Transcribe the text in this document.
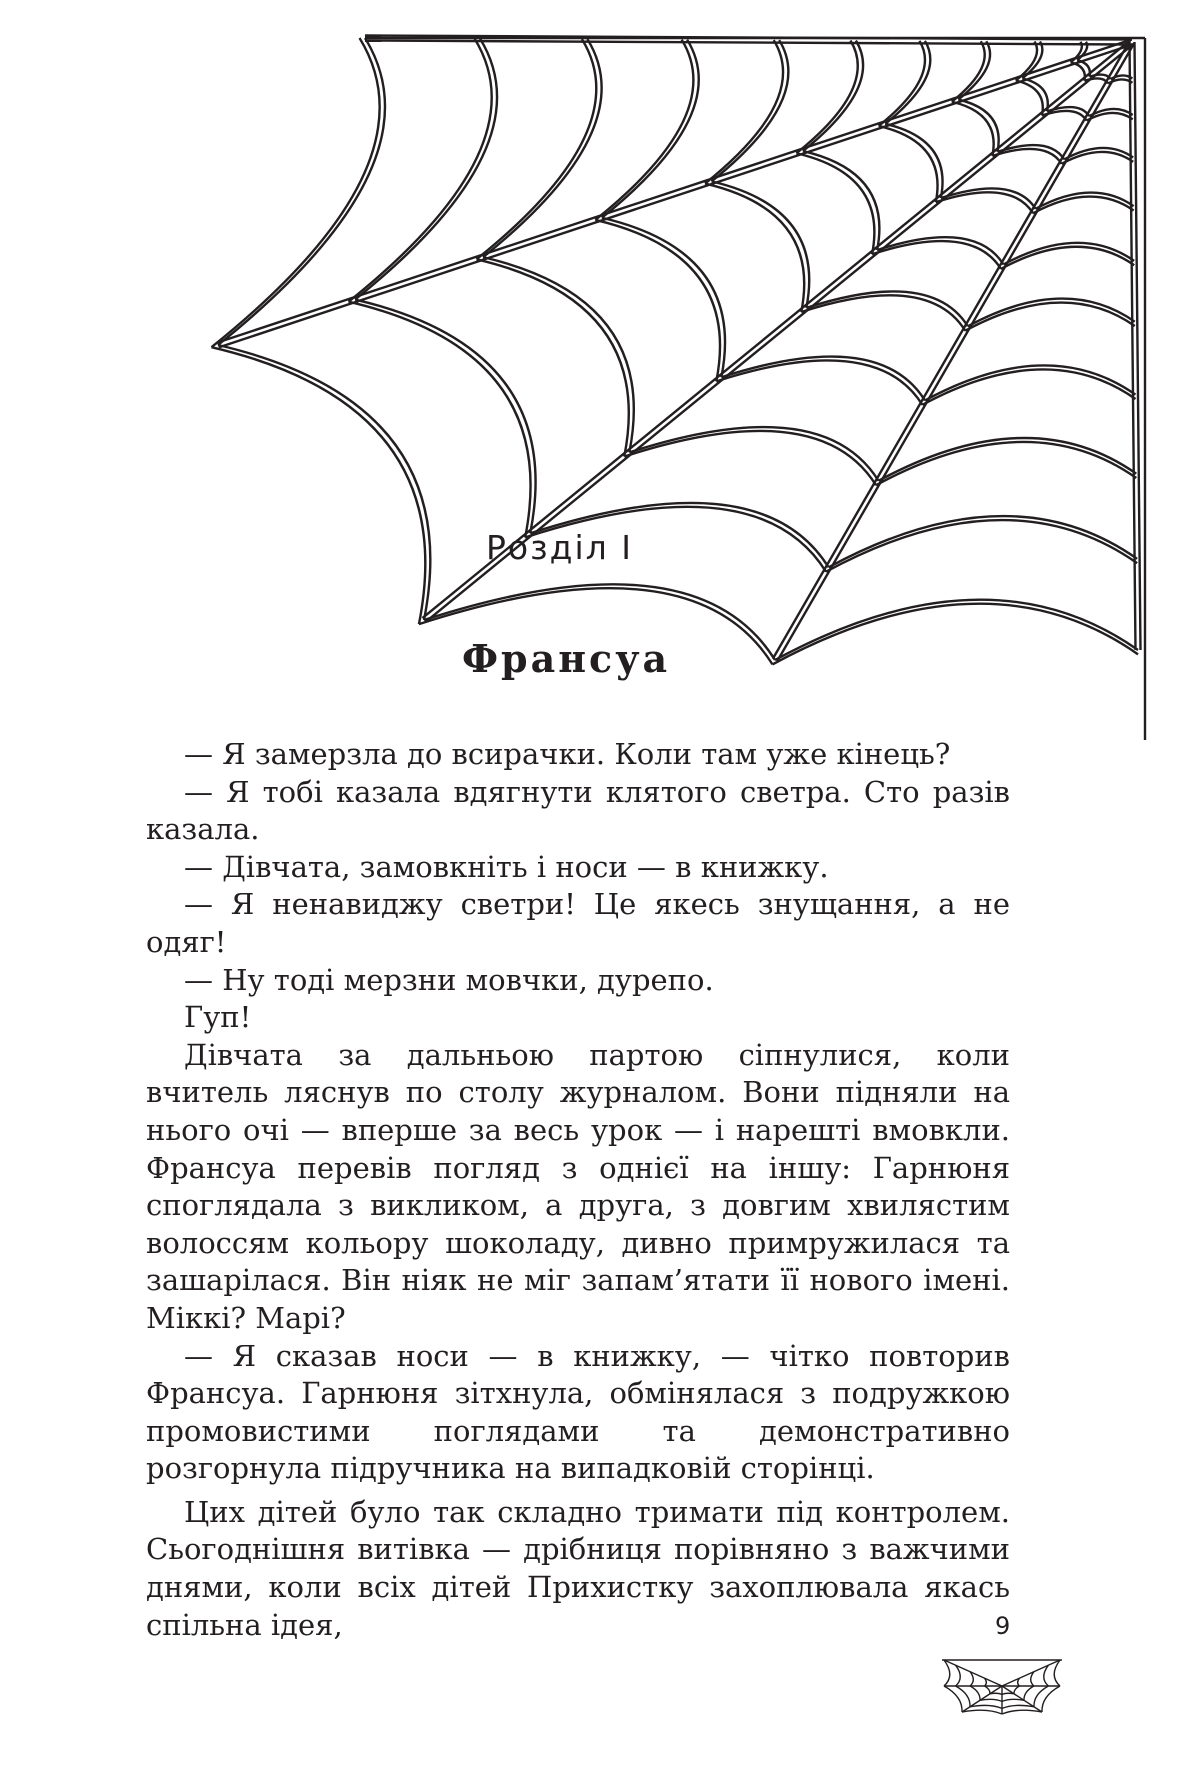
Розділ I
Франсуа

— Я замерзла до всирачки. Коли там уже кінець?

— Я тобі казала вдягнути клятого светра. Сто разів казала.

— Дівчата, замовкніть і носи — в книжку.

— Я ненавиджу светри! Це якесь знущання, а не одяг!

— Ну тоді мерзни мовчки, дурепо.

Гуп!

Дівчата за дальньою партою сіпнулися, коли вчитель ляснув по столу журналом. Вони підняли на нього очі — вперше за весь урок — і нарешті вмовкли. Франсуа перевів погляд з однієї на іншу: Гарнюня споглядала з викликом, а друга, з довгим хвилястим волоссям кольору шоколаду, дивно примружилася та зашарілася. Він ніяк не міг запам’ятати її нового імені. Міккі? Марі?

— Я сказав носи — в книжку, — чітко повторив Франсуа. Гарнюня зітхнула, обмінялася з подружкою промовистими поглядами та демонстративно розгорнула підручника на випадковій сторінці.

Цих дітей було так складно тримати під контролем. Сьогоднішня витівка — дрібниця порівняно з важчими днями, коли всіх дітей Прихистку захоплювала якась спільна ідея,	9
